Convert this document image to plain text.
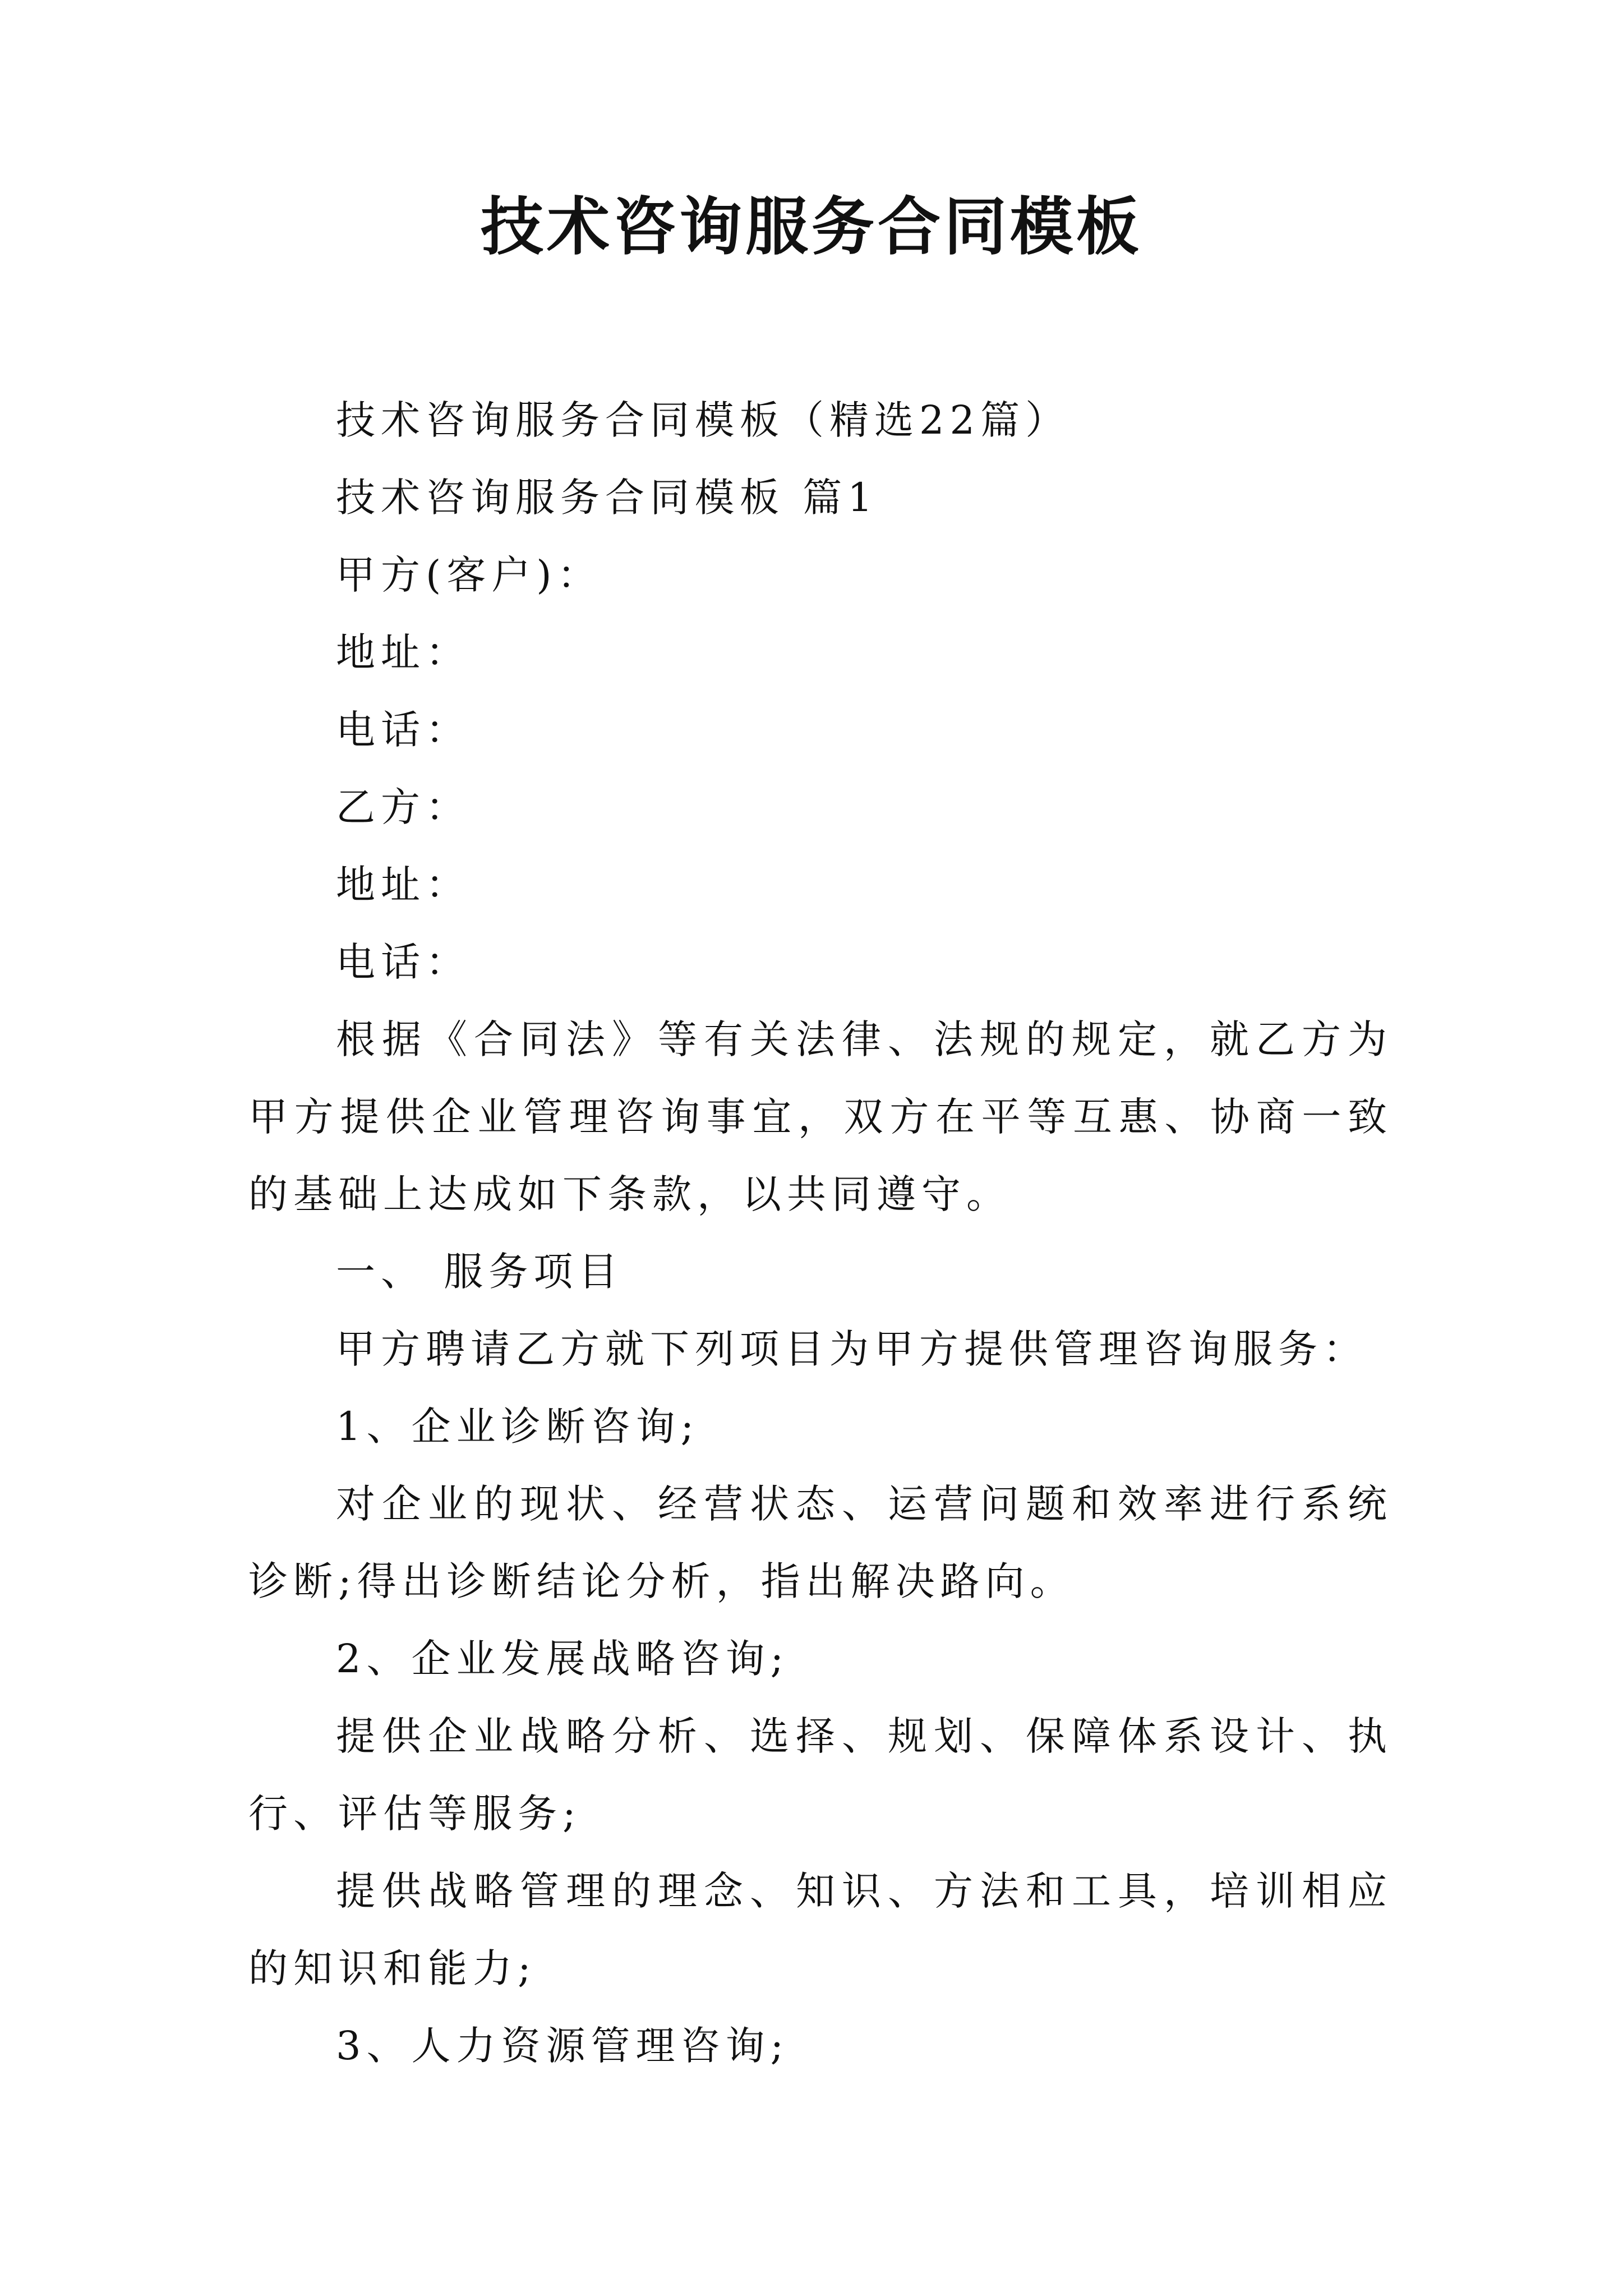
技术咨询服务合同模板

技术咨询服务合同模板（精选22篇）

技术咨询服务合同模板 篇1

甲方(客户)：

地址：

电话：

乙方：

地址：

电话：

根据《合同法》等有关法律、法规的规定，就乙方为甲方提供企业管理咨询事宜，双方在平等互惠、协商一致的基础上达成如下条款，以共同遵守。

一、 服务项目

甲方聘请乙方就下列项目为甲方提供管理咨询服务：

1、企业诊断咨询;

对企业的现状、经营状态、运营问题和效率进行系统诊断;得出诊断结论分析，指出解决路向。

2、企业发展战略咨询;

提供企业战略分析、选择、规划、保障体系设计、执行、评估等服务;

提供战略管理的理念、知识、方法和工具，培训相应的知识和能力;

3、人力资源管理咨询;
